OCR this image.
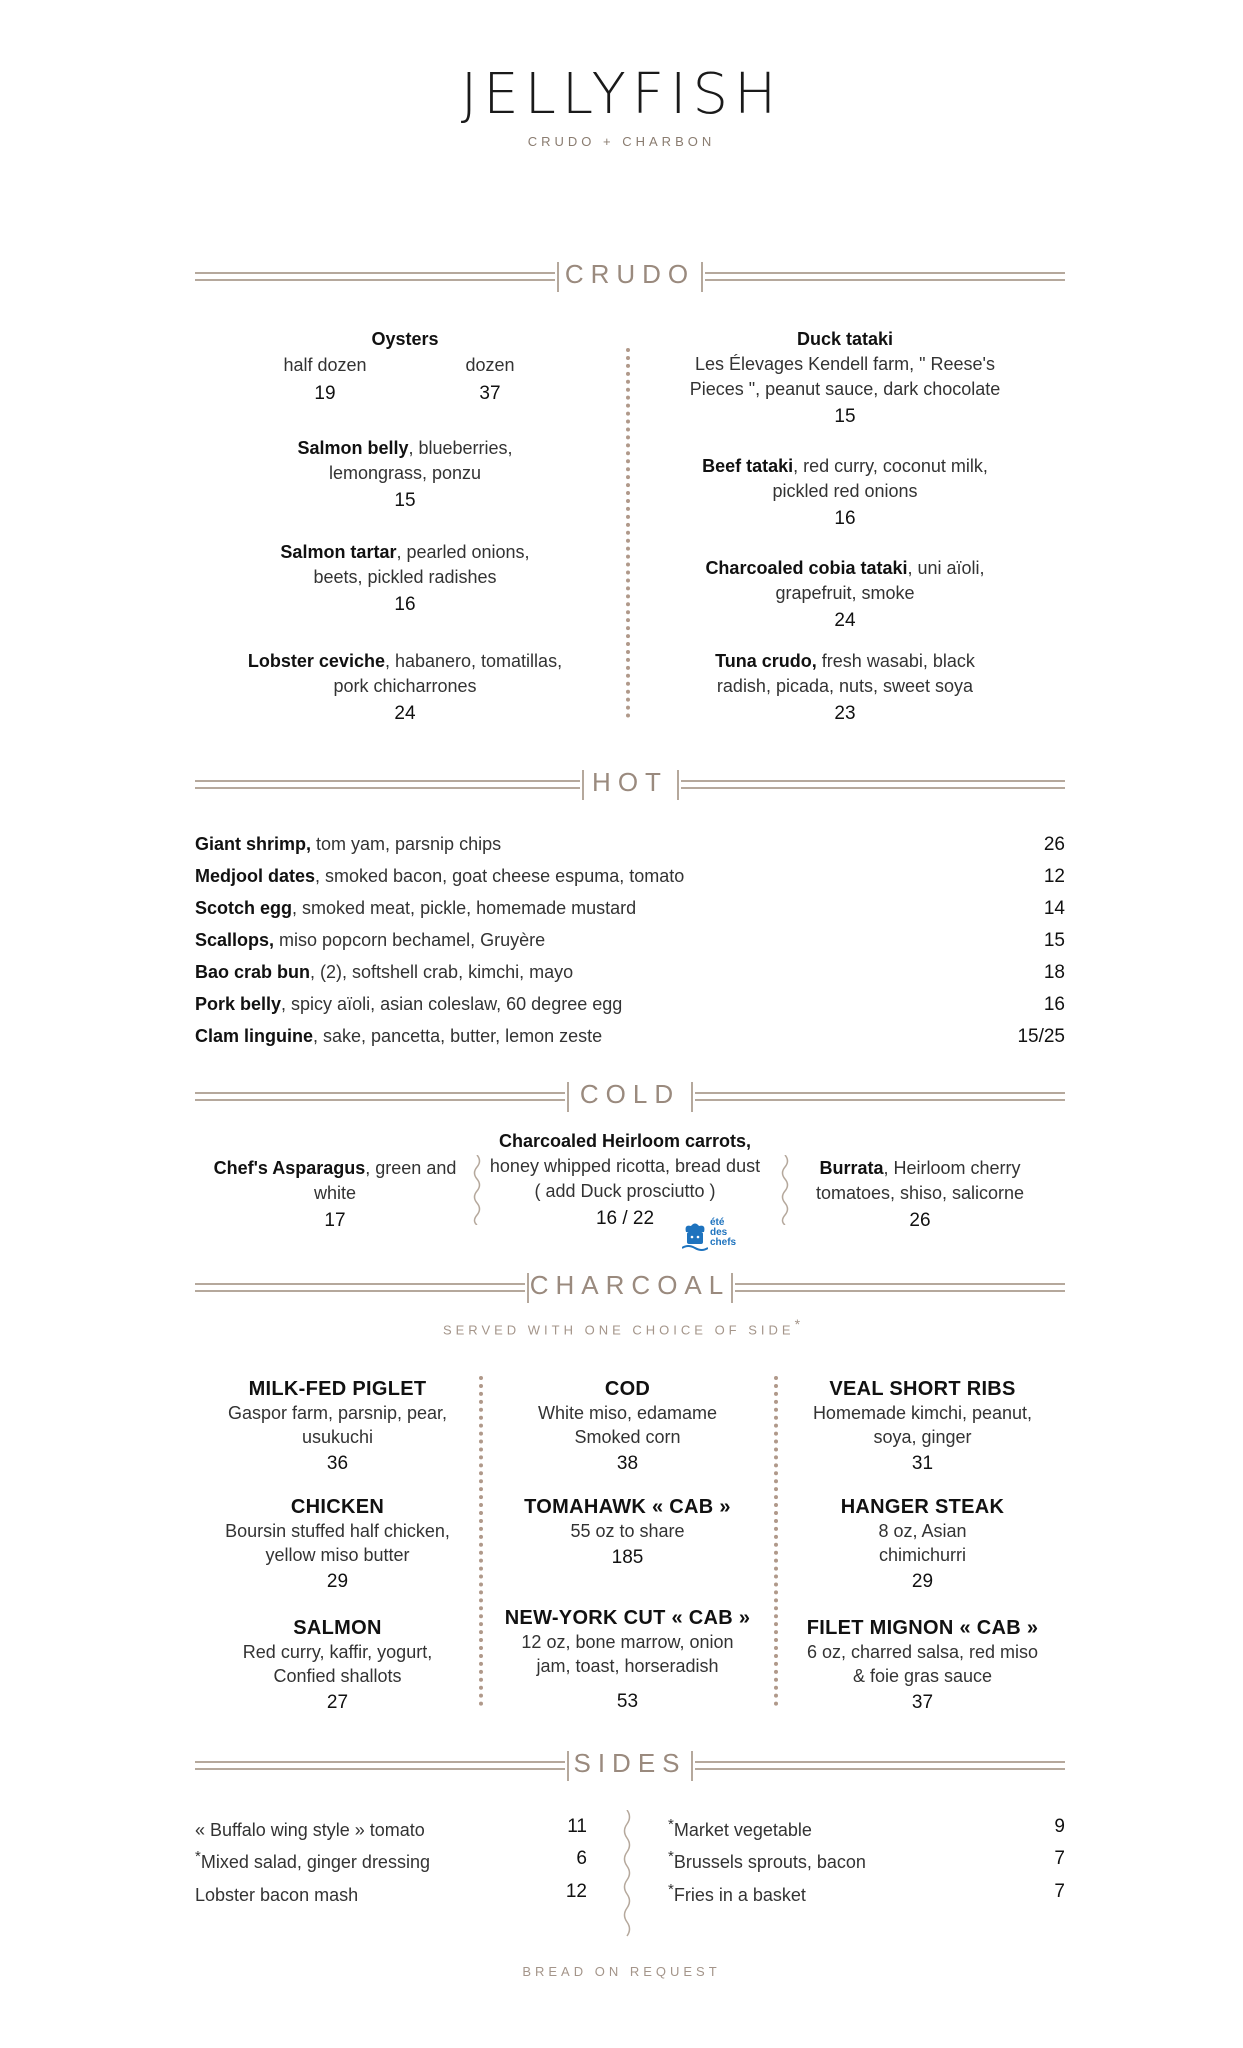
JELLYFISH
CRUDO + CHARBON
CRUDO
Oysters
half dozen	dozen
19	37
Salmon belly, blueberries,
lemongrass, ponzu
15
Salmon tartar, pearled onions,
beets, pickled radishes
16
Lobster ceviche, habanero, tomatillas,
pork chicharrones
24
Duck tataki
Les Élevages Kendell farm, " Reese's
Pieces ", peanut sauce, dark chocolate
15
Beef tataki, red curry, coconut milk,
pickled red onions
16
Charcoaled cobia tataki, uni aïoli,
grapefruit, smoke
24
Tuna crudo, fresh wasabi, black
radish, picada, nuts, sweet soya
23
HOT
Giant shrimp, tom yam, parsnip chips	26
Medjool dates, smoked bacon, goat cheese espuma, tomato	12
Scotch egg, smoked meat, pickle, homemade mustard	14
Scallops, miso popcorn bechamel, Gruyère	15
Bao crab bun, (2), softshell crab, kimchi, mayo	18
Pork belly, spicy aïoli, asian coleslaw, 60 degree egg	16
Clam linguine, sake, pancetta, butter, lemon zeste	15/25
COLD
Chef's Asparagus, green and
white
17
Charcoaled Heirloom carrots,
honey whipped ricotta, bread dust
( add Duck prosciutto )
16 / 22	été
des
chefs
Burrata, Heirloom cherry
tomatoes, shiso, salicorne
26
CHARCOAL
SERVED WITH ONE CHOICE OF SIDE*
MILK-FED PIGLET
Gaspor farm, parsnip, pear,
usukuchi
36
COD
White miso, edamame
Smoked corn
38
VEAL SHORT RIBS
Homemade kimchi, peanut,
soya, ginger
31
CHICKEN
Boursin stuffed half chicken,
yellow miso butter
29
TOMAHAWK « CAB »
55 oz to share
185
HANGER STEAK
8 oz, Asian
chimichurri
29
SALMON
Red curry, kaffir, yogurt,
Confied shallots
27
NEW-YORK CUT « CAB »
12 oz, bone marrow, onion
jam, toast, horseradish
53
FILET MIGNON « CAB »
6 oz, charred salsa, red miso
& foie gras sauce
37
SIDES
« Buffalo wing style » tomato	11
*Mixed salad, ginger dressing	6
Lobster bacon mash	12
*Market vegetable	9
*Brussels sprouts, bacon	7
*Fries in a basket	7
BREAD ON REQUEST
